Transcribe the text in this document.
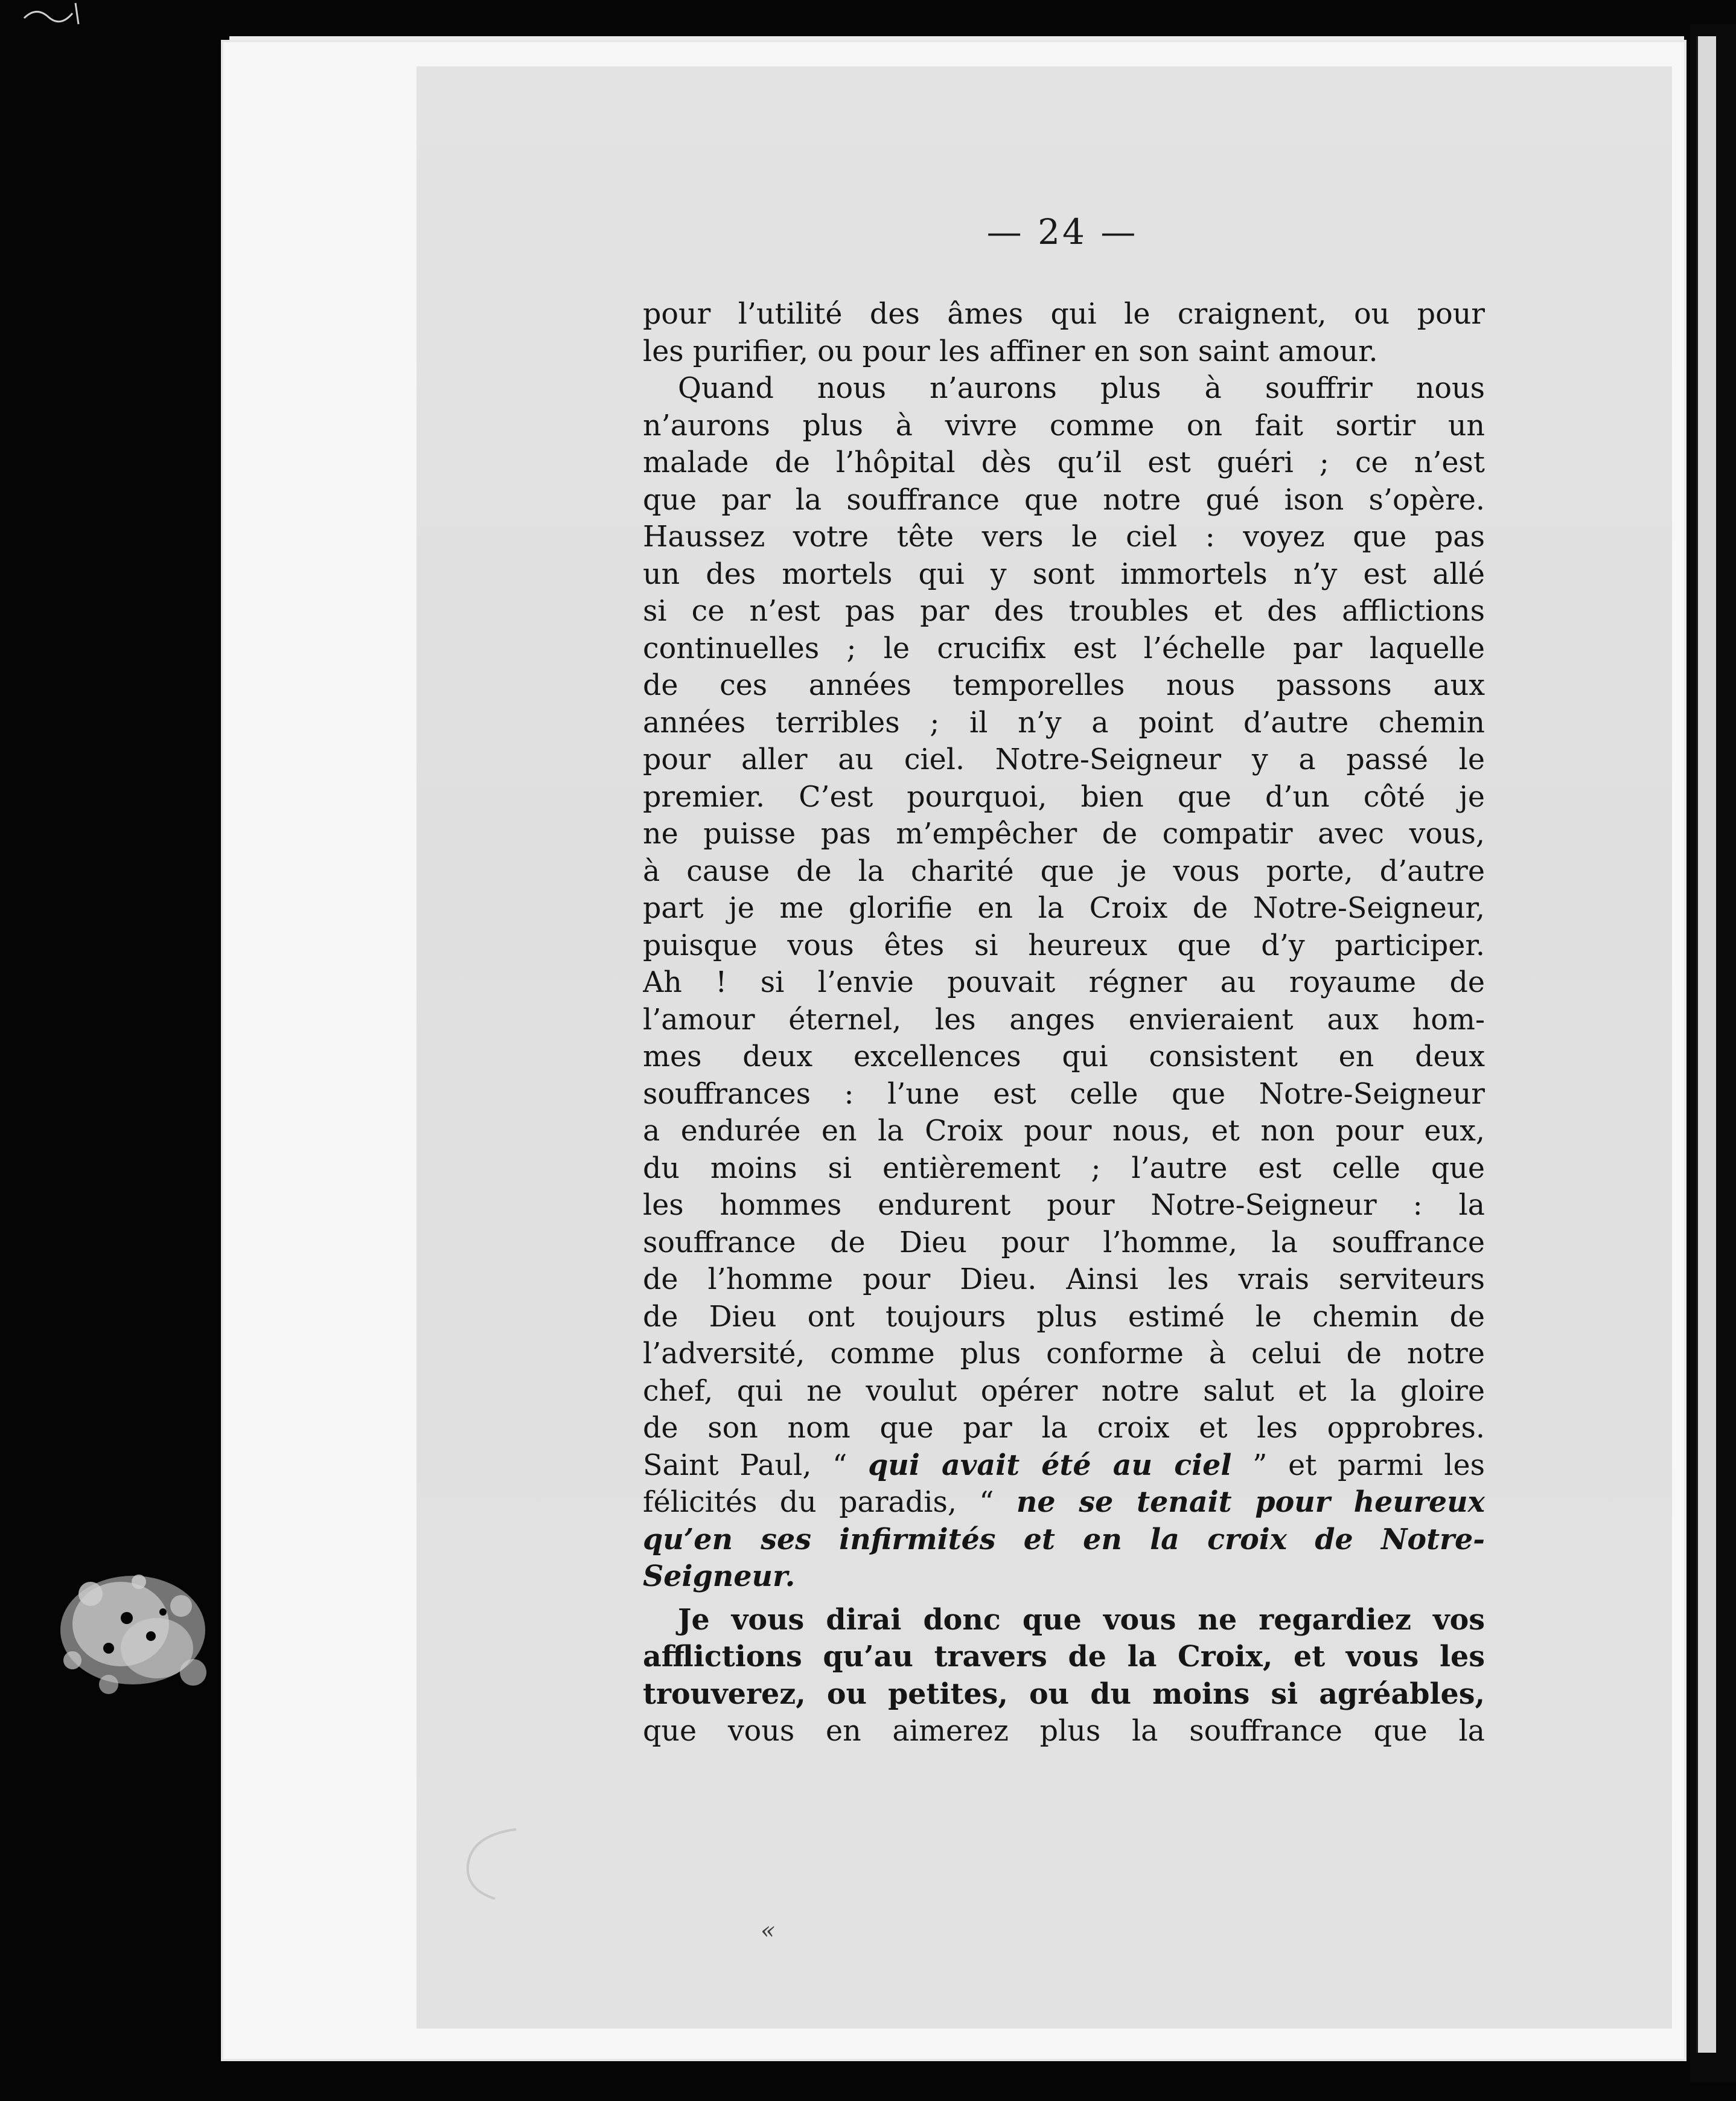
— 24 —
pour l’utilité des âmes qui le craignent, ou pour
les purifier, ou pour les affiner en son saint amour.
Quand nous n’aurons plus à souffrir nous
n’aurons plus à vivre comme on fait sortir un
malade de l’hôpital dès qu’il est guéri ; ce n’est
que par la souffrance que notre gué ison s’opère.
Haussez votre tête vers le ciel : voyez que pas
un des mortels qui y sont immortels n’y est allé
si ce n’est pas par des troubles et des afflictions
continuelles ; le crucifix est l’échelle par laquelle
de ces années temporelles nous passons aux
années terribles ; il n’y a point d’autre chemin
pour aller au ciel. Notre-Seigneur y a passé le
premier. C’est pourquoi, bien que d’un côté je
ne puisse pas m’empêcher de compatir avec vous,
à cause de la charité que je vous porte, d’autre
part je me glorifie en la Croix de Notre-Seigneur,
puisque vous êtes si heureux que d’y participer.
Ah ! si l’envie pouvait régner au royaume de
l’amour éternel, les anges envieraient aux hom-
mes deux excellences qui consistent en deux
souffrances : l’une est celle que Notre-Seigneur
a endurée en la Croix pour nous, et non pour eux,
du moins si entièrement ; l’autre est celle que
les hommes endurent pour Notre-Seigneur : la
souffrance de Dieu pour l’homme, la souffrance
de l’homme pour Dieu. Ainsi les vrais serviteurs
de Dieu ont toujours plus estimé le chemin de
l’adversité, comme plus conforme à celui de notre
chef, qui ne voulut opérer notre salut et la gloire
de son nom que par la croix et les opprobres.
Saint Paul, “ qui avait été au ciel ” et parmi les
félicités du paradis, “ ne se tenait pour heureux
qu’en ses infirmités et en la croix de Notre-
Seigneur.
Je vous dirai donc que vous ne regardiez vos
afflictions qu’au travers de la Croix, et vous les
trouverez, ou petites, ou du moins si agréables,
que vous en aimerez plus la souffrance que la
«
